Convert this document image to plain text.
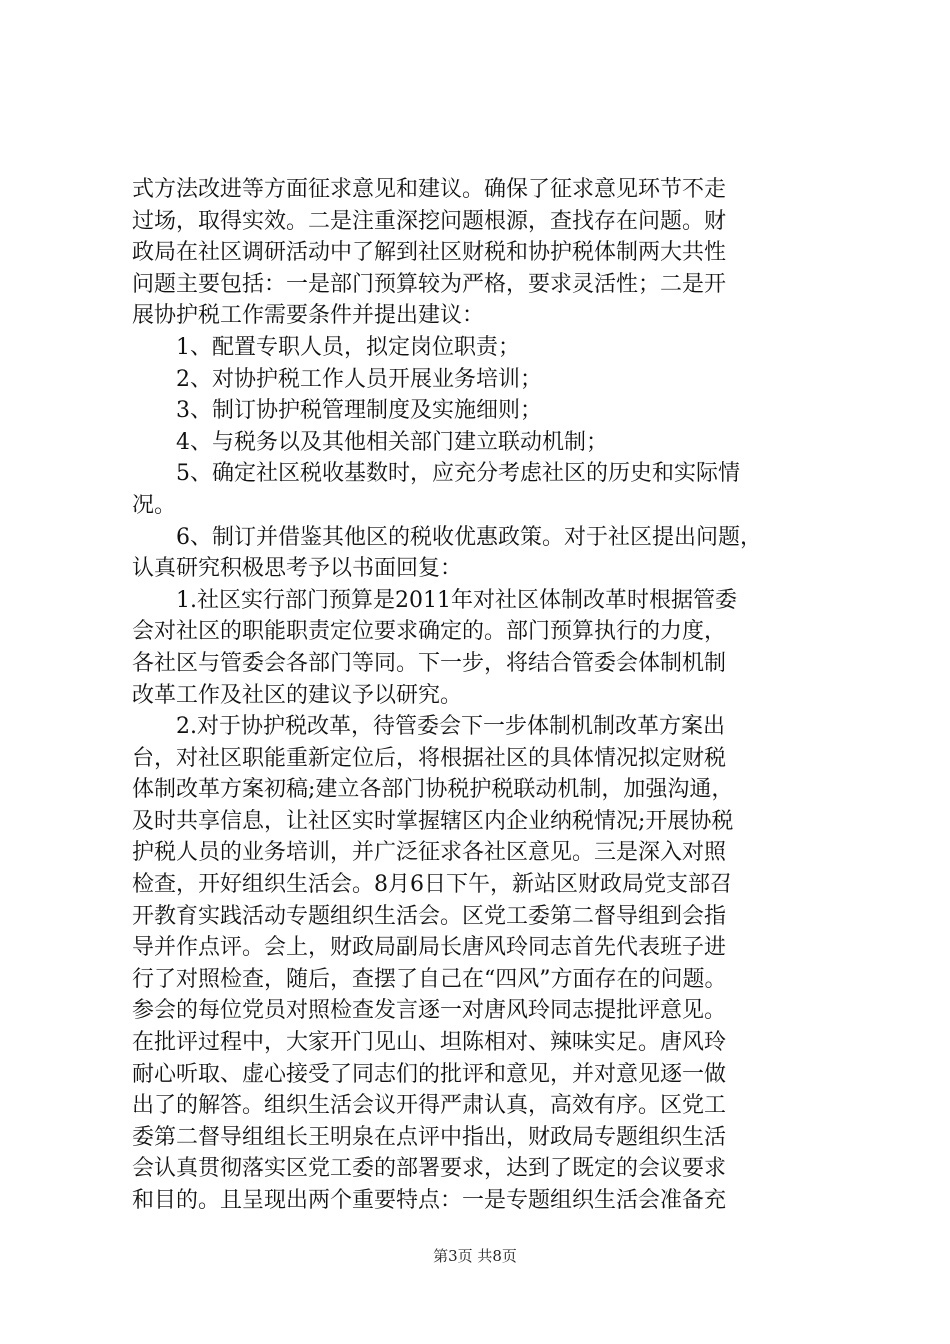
式方法改进等方面征求意见和建议。确保了征求意见环节不走
过场，取得实效。二是注重深挖问题根源，查找存在问题。财
政局在社区调研活动中了解到社区财税和协护税体制两大共性
问题主要包括：一是部门预算较为严格，要求灵活性；二是开
展协护税工作需要条件并提出建议：
1、配置专职人员，拟定岗位职责；
2、对协护税工作人员开展业务培训；
3、制订协护税管理制度及实施细则；
4、与税务以及其他相关部门建立联动机制；
5、确定社区税收基数时，应充分考虑社区的历史和实际情
况。
6、制订并借鉴其他区的税收优惠政策。对于社区提出问题，
认真研究积极思考予以书面回复：
1.社区实行部门预算是2011年对社区体制改革时根据管委
会对社区的职能职责定位要求确定的。部门预算执行的力度，
各社区与管委会各部门等同。下一步，将结合管委会体制机制
改革工作及社区的建议予以研究。
2.对于协护税改革，待管委会下一步体制机制改革方案出
台，对社区职能重新定位后，将根据社区的具体情况拟定财税
体制改革方案初稿;建立各部门协税护税联动机制，加强沟通，
及时共享信息，让社区实时掌握辖区内企业纳税情况;开展协税
护税人员的业务培训，并广泛征求各社区意见。三是深入对照
检查，开好组织生活会。8月6日下午，新站区财政局党支部召
开教育实践活动专题组织生活会。区党工委第二督导组到会指
导并作点评。会上，财政局副局长唐风玲同志首先代表班子进
行了对照检查，随后，查摆了自己在“四风”方面存在的问题。
参会的每位党员对照检查发言逐一对唐风玲同志提批评意见。
在批评过程中，大家开门见山、坦陈相对、辣味实足。唐风玲
耐心听取、虚心接受了同志们的批评和意见，并对意见逐一做
出了的解答。组织生活会议开得严肃认真，高效有序。区党工
委第二督导组组长王明泉在点评中指出，财政局专题组织生活
会认真贯彻落实区党工委的部署要求，达到了既定的会议要求
和目的。且呈现出两个重要特点：一是专题组织生活会准备充
第3页 共8页
